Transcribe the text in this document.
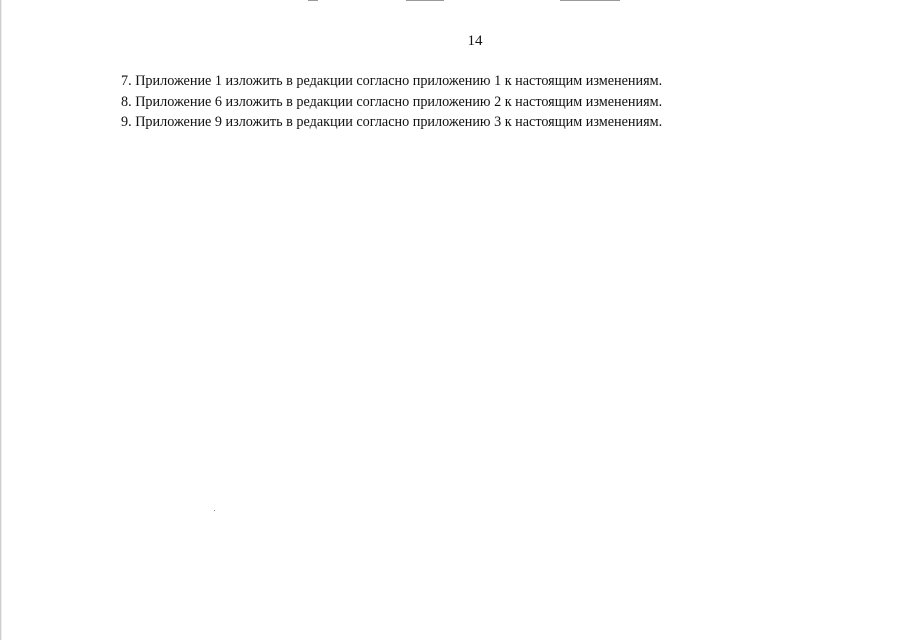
14
7. Приложение 1 изложить в редакции согласно приложению 1 к настоящим изменениям.
8. Приложение 6 изложить в редакции согласно приложению 2 к настоящим изменениям.
9. Приложение 9 изложить в редакции согласно приложению 3 к настоящим изменениям.
